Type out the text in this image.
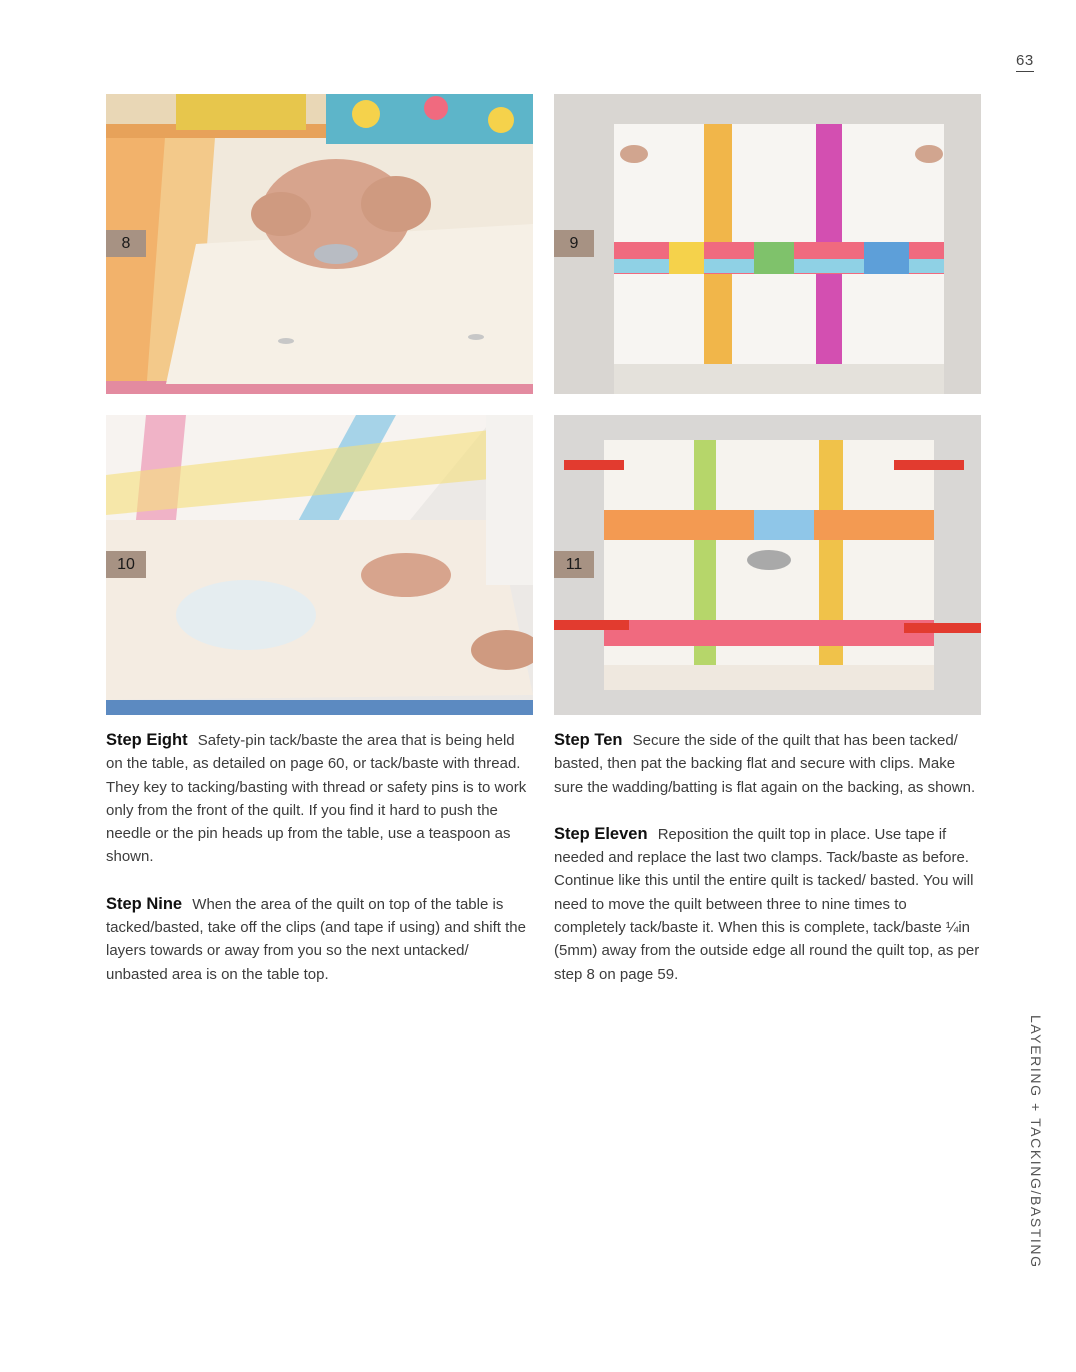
63
8	9
10	11

Step Eight Safety-pin tack/baste the area that is being held on the table, as detailed on page 60, or tack/baste with thread. They key to tacking/basting with thread or safety pins is to work only from the front of the quilt. If you find it hard to push the needle or the pin heads up from the table, use a teaspoon as shown.

Step Nine When the area of the quilt on top of the table is tacked/basted, take off the clips (and tape if using) and shift the layers towards or away from you so the next untacked/ unbasted area is on the table top.

Step Ten Secure the side of the quilt that has been tacked/ basted, then pat the backing flat and secure with clips. Make sure the wadding/batting is flat again on the backing, as shown.

Step Eleven Reposition the quilt top in place. Use tape if needed and replace the last two clamps. Tack/baste as before. Continue like this until the entire quilt is tacked/ basted. You will need to move the quilt between three to nine times to completely tack/baste it. When this is complete, tack/baste ¼in (5mm) away from the outside edge all round the quilt top, as per step 8 on page 59.

LAYERING + TACKING/BASTING
